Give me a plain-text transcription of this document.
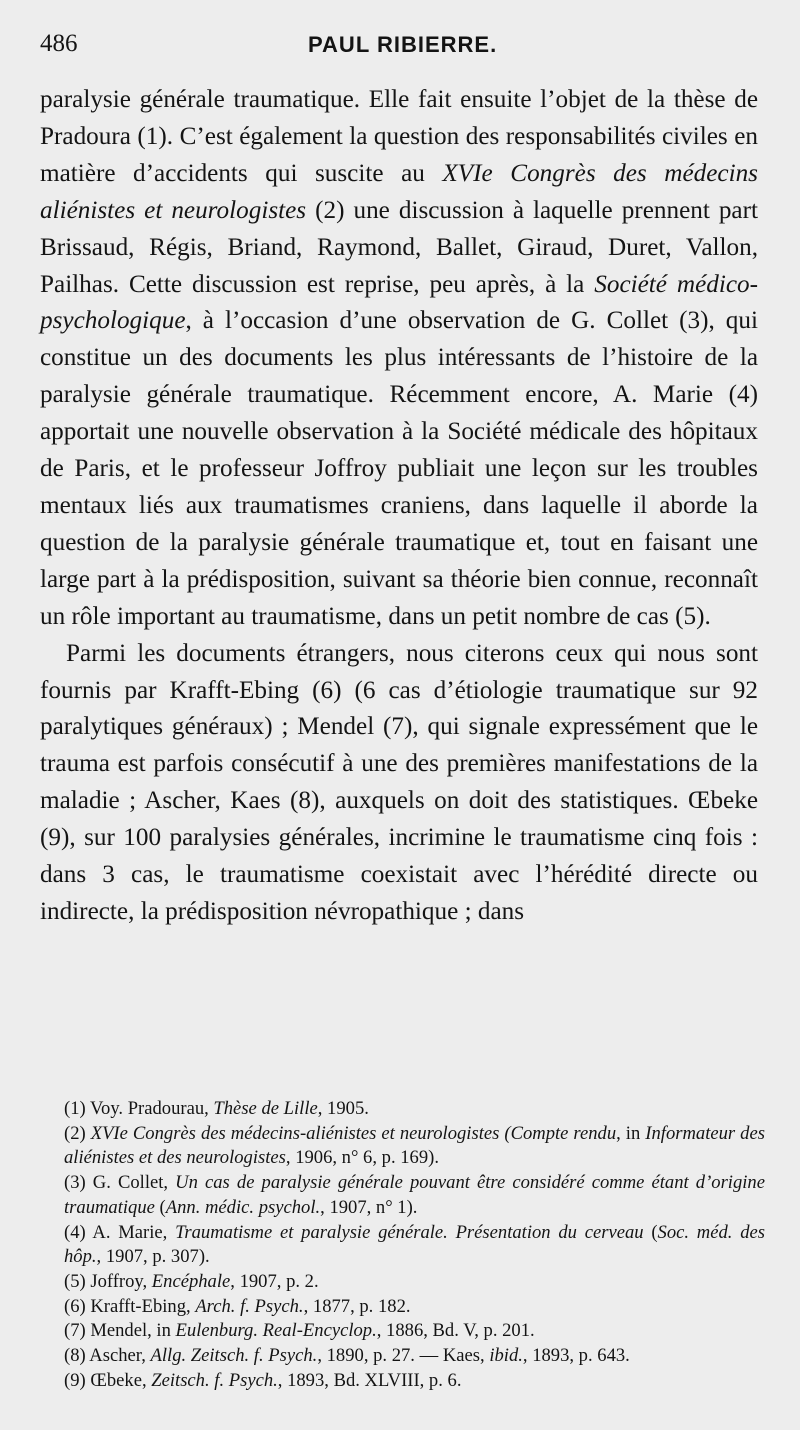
486	PAUL RIBIERRE.

paralysie générale traumatique. Elle fait ensuite l’objet de la thèse de Pradoura (1). C’est également la question des responsabilités civiles en matière d’accidents qui suscite au XVIe Congrès des médecins aliénistes et neurologistes (2) une discussion à laquelle prennent part Brissaud, Régis, Briand, Raymond, Ballet, Giraud, Duret, Vallon, Pailhas. Cette discussion est reprise, peu après, à la Société médico-psychologique, à l’occasion d’une observation de G. Collet (3), qui constitue un des documents les plus intéressants de l’histoire de la paralysie générale traumatique. Récemment encore, A. Marie (4) apportait une nouvelle observation à la Société médicale des hôpitaux de Paris, et le professeur Joffroy publiait une leçon sur les troubles mentaux liés aux traumatismes craniens, dans laquelle il aborde la question de la paralysie générale traumatique et, tout en faisant une large part à la prédisposition, suivant sa théorie bien connue, reconnaît un rôle important au traumatisme, dans un petit nombre de cas (5).

Parmi les documents étrangers, nous citerons ceux qui nous sont fournis par Krafft-Ebing (6) (6 cas d’étiologie traumatique sur 92 paralytiques généraux) ; Mendel (7), qui signale expressément que le trauma est parfois consécutif à une des premières manifestations de la maladie ; Ascher, Kaes (8), auxquels on doit des statistiques. Œbeke (9), sur 100 paralysies générales, incrimine le traumatisme cinq fois : dans 3 cas, le traumatisme coexistait avec l’hérédité directe ou indirecte, la prédisposition névropathique ; dans

(1) Voy. Pradourau, Thèse de Lille, 1905.

(2) XVIe Congrès des médecins-aliénistes et neurologistes (Compte rendu, in Informateur des aliénistes et des neurologistes, 1906, n° 6, p. 169).

(3) G. Collet, Un cas de paralysie générale pouvant être considéré comme étant d’origine traumatique (Ann. médic. psychol., 1907, n° 1).

(4) A. Marie, Traumatisme et paralysie générale. Présentation du cerveau (Soc. méd. des hôp., 1907, p. 307).

(5) Joffroy, Encéphale, 1907, p. 2.

(6) Krafft-Ebing, Arch. f. Psych., 1877, p. 182.

(7) Mendel, in Eulenburg. Real-Encyclop., 1886, Bd. V, p. 201.

(8) Ascher, Allg. Zeitsch. f. Psych., 1890, p. 27. — Kaes, ibid., 1893, p. 643.

(9) Œbeke, Zeitsch. f. Psych., 1893, Bd. XLVIII, p. 6.
